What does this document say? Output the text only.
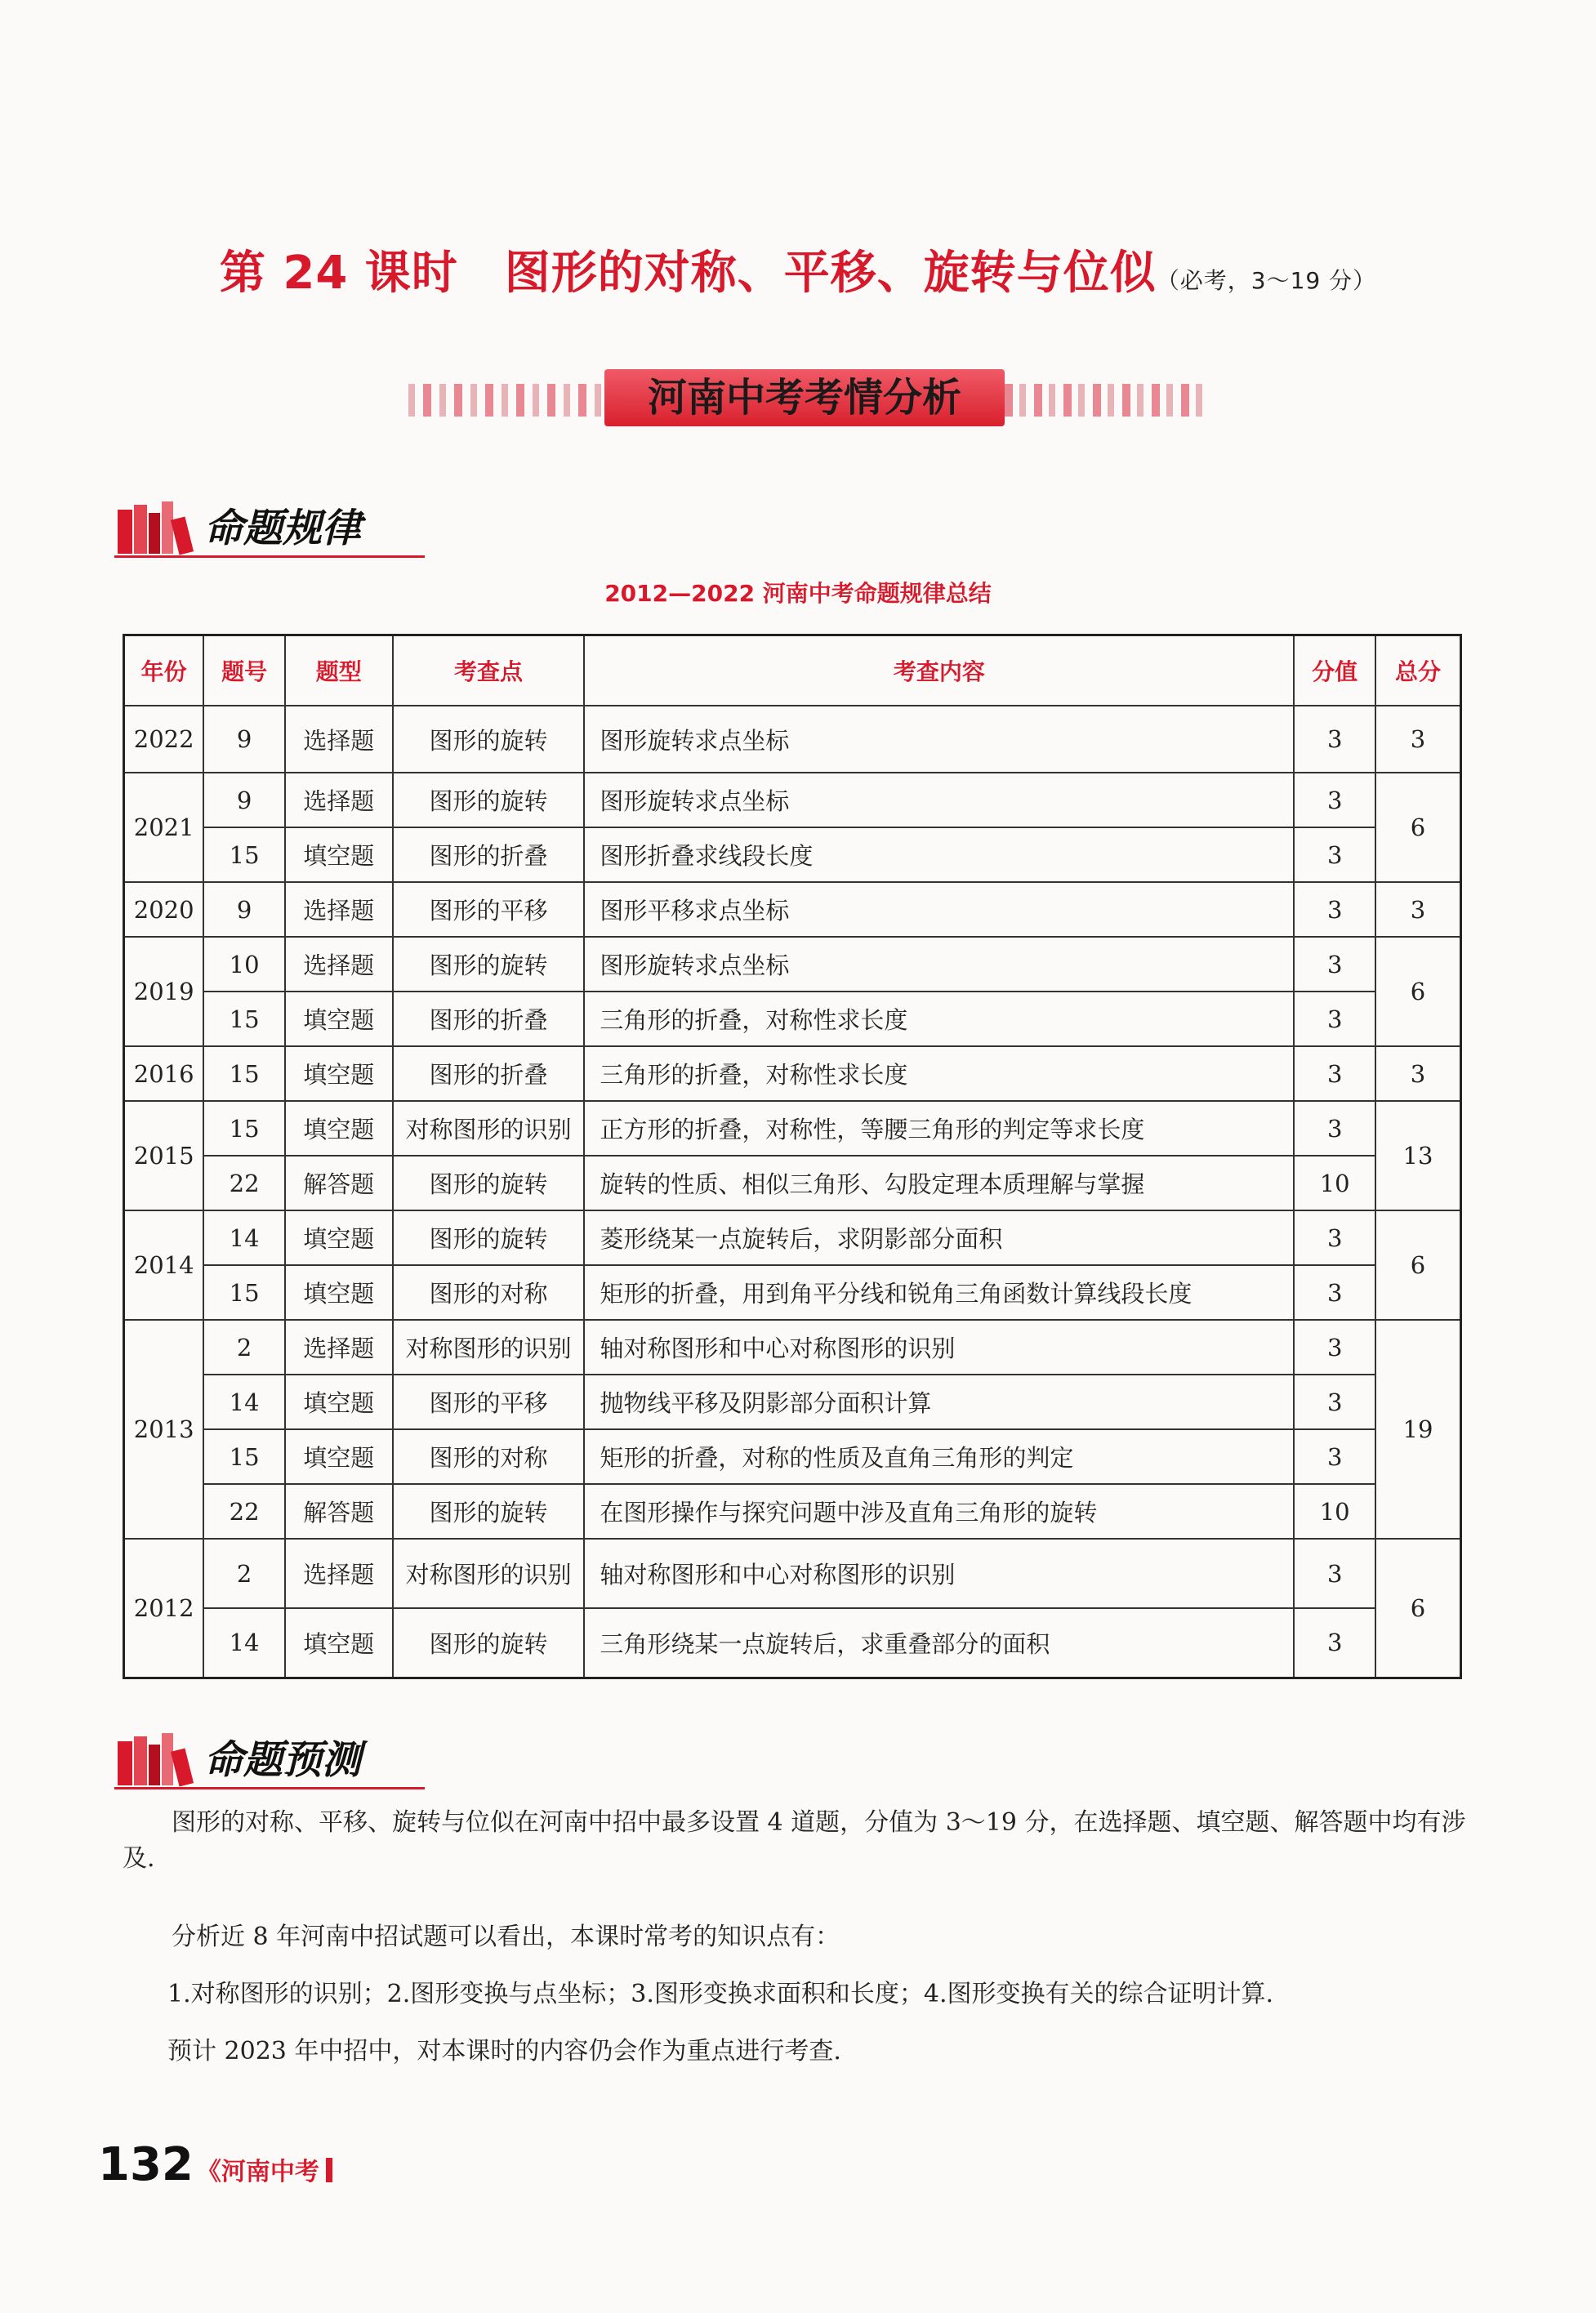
第 24 课时　图形的对称、平移、旋转与位似（必考，3～19 分）
河南中考考情分析
命题规律
2012—2022 河南中考命题规律总结
年份	题号	题型	考查点	考查内容	分值	总分
2022	9	选择题	图形的旋转	图形旋转求点坐标	3	3
2021	9	选择题	图形的旋转	图形旋转求点坐标	3	6
	15	填空题	图形的折叠	图形折叠求线段长度	3	
2020	9	选择题	图形的平移	图形平移求点坐标	3	3
2019	10	选择题	图形的旋转	图形旋转求点坐标	3	6
	15	填空题	图形的折叠	三角形的折叠，对称性求长度	3	
2016	15	填空题	图形的折叠	三角形的折叠，对称性求长度	3	3
2015	15	填空题	对称图形的识别	正方形的折叠，对称性，等腰三角形的判定等求长度	3	13
	22	解答题	图形的旋转	旋转的性质、相似三角形、勾股定理本质理解与掌握	10	
2014	14	填空题	图形的旋转	菱形绕某一点旋转后，求阴影部分面积	3	6
	15	填空题	图形的对称	矩形的折叠，用到角平分线和锐角三角函数计算线段长度	3	
2013	2	选择题	对称图形的识别	轴对称图形和中心对称图形的识别	3	19
	14	填空题	图形的平移	抛物线平移及阴影部分面积计算	3	
	15	填空题	图形的对称	矩形的折叠，对称的性质及直角三角形的判定	3	
	22	解答题	图形的旋转	在图形操作与探究问题中涉及直角三角形的旋转	10	
2012	2	选择题	对称图形的识别	轴对称图形和中心对称图形的识别	3	6
	14	填空题	图形的旋转	三角形绕某一点旋转后，求重叠部分的面积	3	
命题预测
图形的对称、平移、旋转与位似在河南中招中最多设置 4 道题，分值为 3～19 分，在选择题、填空题、解答题中均有涉及.
分析近 8 年河南中招试题可以看出，本课时常考的知识点有：
1.对称图形的识别；2.图形变换与点坐标；3.图形变换求面积和长度；4.图形变换有关的综合证明计算.
预计 2023 年中招中，对本课时的内容仍会作为重点进行考查.
132 《河南中考
